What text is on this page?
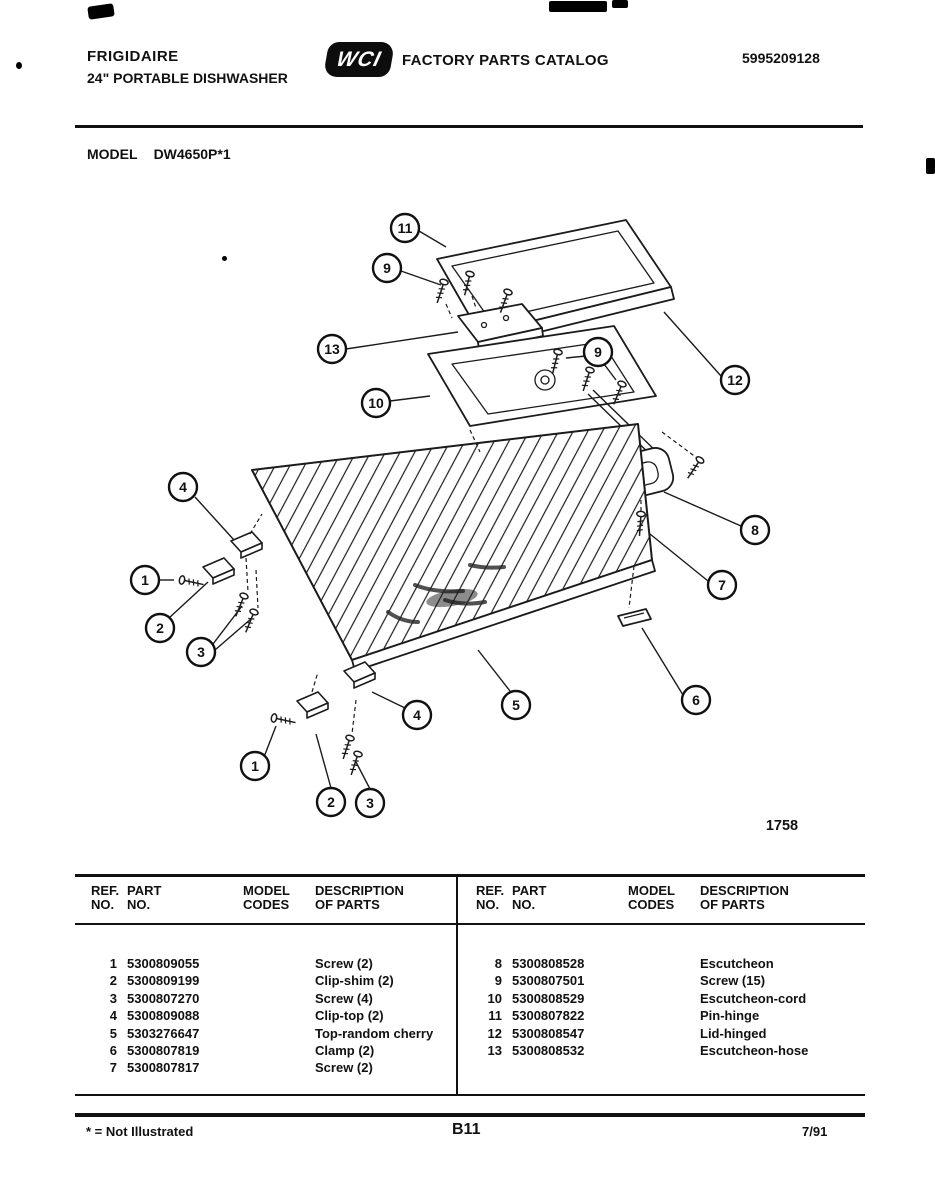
FRIGIDAIRE
24" PORTABLE DISHWASHER
WCI FACTORY PARTS CATALOG	5995209128
MODEL DW4650P*1
11
9
13	9
12
10
8
4
7
1
2
3
6
5
4
1
2 3
1758
REF.
NO.
PART
NO.
MODEL
CODES
DESCRIPTION
OF PARTS
1 5300809055	Screw (2)
2 5300809199	Clip-shim (2)
3 5300807270	Screw (4)
4 5300809088	Clip-top (2)
5 5303276647	Top-random cherry
6 5300807819	Clamp (2)
7 5300807817	Screw (2)
REF.
NO.
PART
NO.
MODEL
CODES
DESCRIPTION
OF PARTS
8 5300808528	Escutcheon
9 5300807501	Screw (15)
10 5300808529	Escutcheon-cord
11 5300807822	Pin-hinge
12 5300808547	Lid-hinged
13 5300808532	Escutcheon-hose
* = Not Illustrated	B11	7/91
